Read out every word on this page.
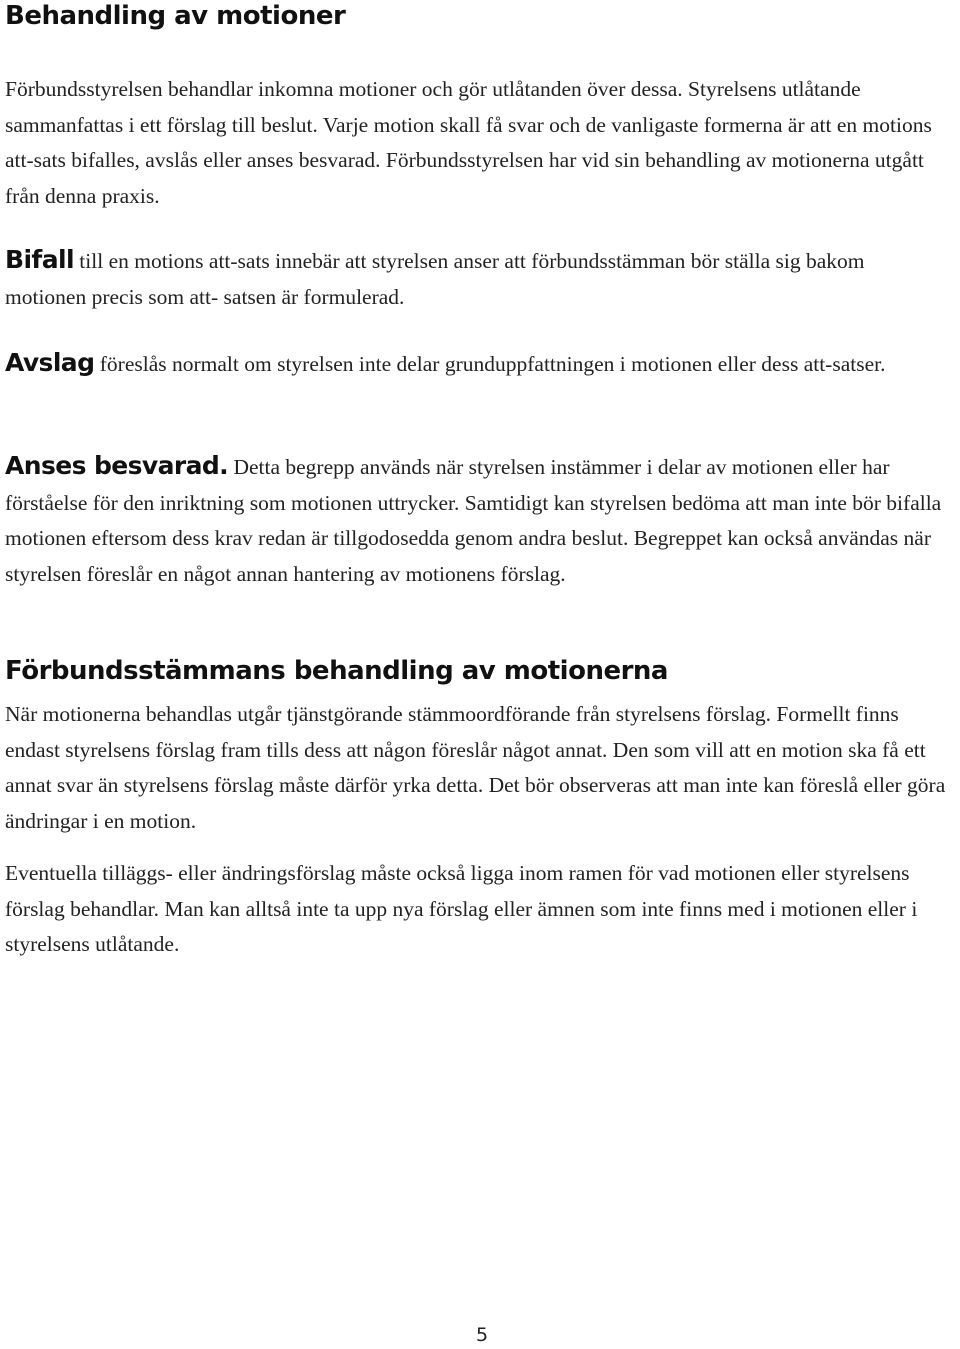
Behandling av motioner

Förbundsstyrelsen behandlar inkomna motioner och gör utlåtanden över dessa. Styrelsens utlåtande sammanfattas i ett förslag till beslut. Varje motion skall få svar och de vanligaste formerna är att en motions att-sats bifalles, avslås eller anses besvarad. Förbundsstyrelsen har vid sin behandling av motionerna utgått från denna praxis.

Bifall till en motions att-sats innebär att styrelsen anser att förbundsstämman bör ställa sig bakom motionen precis som att- satsen är formulerad.

Avslag föreslås normalt om styrelsen inte delar grunduppfattningen i motionen eller dess att-satser.

Anses besvarad. Detta begrepp används när styrelsen instämmer i delar av motionen eller har förståelse för den inriktning som motionen uttrycker. Samtidigt kan styrelsen bedöma att man inte bör bifalla motionen eftersom dess krav redan är tillgodosedda genom andra beslut. Begreppet kan också användas när styrelsen föreslår en något annan hantering av motionens förslag.

Förbundsstämmans behandling av motionerna

När motionerna behandlas utgår tjänstgörande stämmoordförande från styrelsens förslag. Formellt finns endast styrelsens förslag fram tills dess att någon föreslår något annat. Den som vill att en motion ska få ett annat svar än styrelsens förslag måste därför yrka detta. Det bör observeras att man inte kan föreslå eller göra ändringar i en motion.

Eventuella tilläggs- eller ändringsförslag måste också ligga inom ramen för vad motionen eller styrelsens förslag behandlar. Man kan alltså inte ta upp nya förslag eller ämnen som inte finns med i motionen eller i styrelsens utlåtande.

5
